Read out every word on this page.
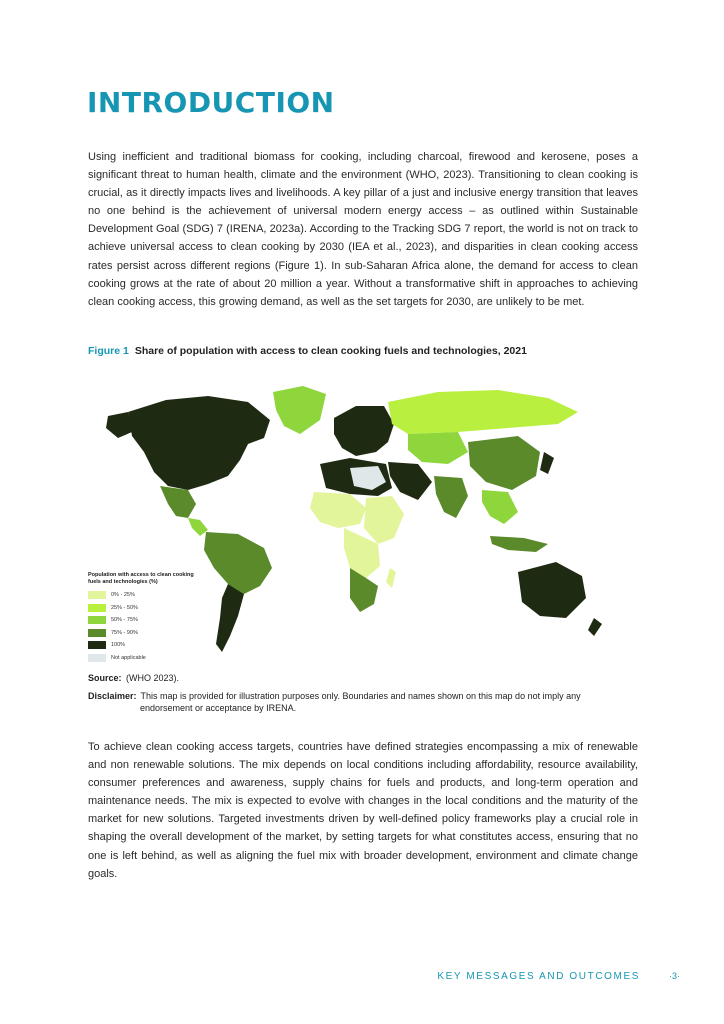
INTRODUCTION

Using inefficient and traditional biomass for cooking, including charcoal, firewood and kerosene, poses a significant threat to human health, climate and the environment (WHO, 2023). Transitioning to clean cooking is crucial, as it directly impacts lives and livelihoods. A key pillar of a just and inclusive energy transition that leaves no one behind is the achievement of universal modern energy access – as outlined within Sustainable Development Goal (SDG) 7 (IRENA, 2023a). According to the Tracking SDG 7 report, the world is not on track to achieve universal access to clean cooking by 2030 (IEA et al., 2023), and disparities in clean cooking access rates persist across different regions (Figure 1). In sub-Saharan Africa alone, the demand for access to clean cooking grows at the rate of about 20 million a year. Without a transformative shift in approaches to achieving clean cooking access, this growing demand, as well as the set targets for 2030, are unlikely to be met.

Figure 1 Share of population with access to clean cooking fuels and technologies, 2021
Population with access to clean cooking fuels and technologies (%)
0% - 25%
25% - 50%
50% - 75%
75% - 90%
100%
Not applicable
Source: (WHO 2023).
Disclaimer: This map is provided for illustration purposes only. Boundaries and names shown on this map do not imply any
endorsement or acceptance by IRENA.

To achieve clean cooking access targets, countries have defined strategies encompassing a mix of renewable and non renewable solutions. The mix depends on local conditions including affordability, resource availability, consumer preferences and awareness, supply chains for fuels and products, and long-term operation and maintenance needs. The mix is expected to evolve with changes in the local conditions and the maturity of the market for new solutions. Targeted investments driven by well-defined policy frameworks play a crucial role in shaping the overall development of the market, by setting targets for what constitutes access, ensuring that no one is left behind, as well as aligning the fuel mix with broader development, environment and climate change goals.

KEY MESSAGES AND OUTCOMES	·3·
